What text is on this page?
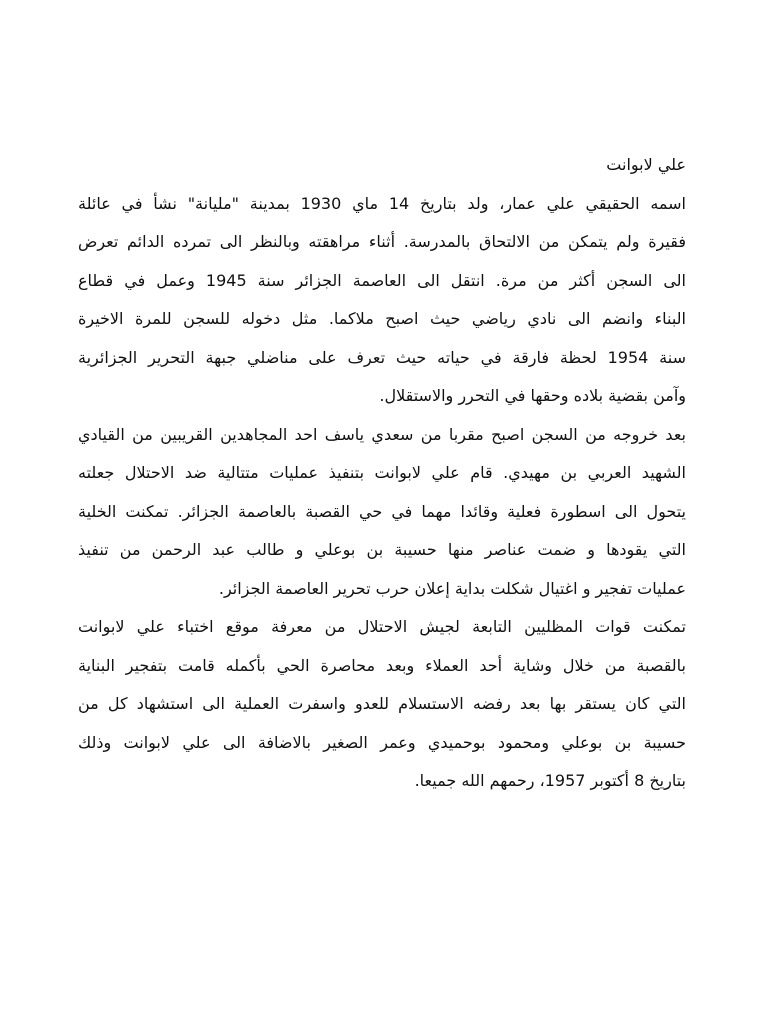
علي لابوانت
اسمه الحقيقي علي عمار، ولد بتاريخ 14 ماي 1930 بمدينة "مليانة" نشأ في عائلة
فقيرة ولم يتمكن من الالتحاق بالمدرسة. أثناء مراهقته وبالنظر الى تمرده الدائم تعرض
الى السجن أكثر من مرة. انتقل الى العاصمة الجزائر سنة 1945 وعمل في قطاع
البناء وانضم الى نادي رياضي حيث اصبح ملاكما. مثل دخوله للسجن للمرة الاخيرة
سنة 1954 لحظة فارقة في حياته حيث تعرف على مناضلي جبهة التحرير الجزائرية
وآمن بقضية بلاده وحقها في التحرر والاستقلال.
بعد خروجه من السجن اصبح مقربا من سعدي ياسف احد المجاهدين القريبين من القيادي
الشهيد العربي بن مهيدي. قام علي لابوانت بتنفيذ عمليات متتالية ضد الاحتلال جعلته
يتحول الى اسطورة فعلية وقائدا مهما في حي القصبة بالعاصمة الجزائر. تمكنت الخلية
التي يقودها و ضمت عناصر منها حسيبة بن بوعلي و طالب عبد الرحمن من تنفيذ
عمليات تفجير و اغتيال شكلت بداية إعلان حرب تحرير العاصمة الجزائر.
تمكنت قوات المظليين التابعة لجيش الاحتلال من معرفة موقع اختباء علي لابوانت
بالقصبة من خلال وشاية أحد العملاء وبعد محاصرة الحي بأكمله قامت بتفجير البناية
التي كان يستقر بها بعد رفضه الاستسلام للعدو واسفرت العملية الى استشهاد كل من
حسيبة بن بوعلي ومحمود بوحميدي وعمر الصغير بالاضافة الى علي لابوانت وذلك
بتاريخ 8 أكتوبر 1957، رحمهم الله جميعا.
